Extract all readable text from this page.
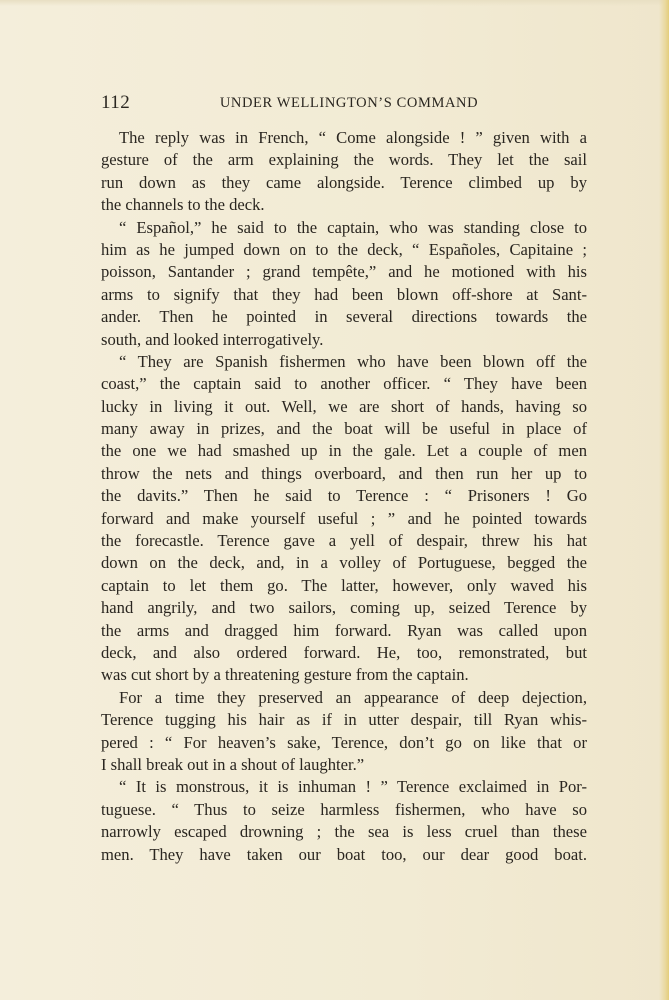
112	UNDER WELLINGTON’S COMMAND
The reply was in French, “ Come alongside ! ” given with a
gesture of the arm explaining the words. They let the sail
run down as they came alongside. Terence climbed up by
the channels to the deck.
“ Español,” he said to the captain, who was standing close to
him as he jumped down on to the deck, “ Españoles, Capitaine ;
poisson, Santander ; grand tempête,” and he motioned with his
arms to signify that they had been blown off-shore at Sant-
ander. Then he pointed in several directions towards the
south, and looked interrogatively.
“ They are Spanish fishermen who have been blown off the
coast,” the captain said to another officer. “ They have been
lucky in living it out. Well, we are short of hands, having so
many away in prizes, and the boat will be useful in place of
the one we had smashed up in the gale. Let a couple of men
throw the nets and things overboard, and then run her up to
the davits.” Then he said to Terence : “ Prisoners ! Go
forward and make yourself useful ; ” and he pointed towards
the forecastle. Terence gave a yell of despair, threw his hat
down on the deck, and, in a volley of Portuguese, begged the
captain to let them go. The latter, however, only waved his
hand angrily, and two sailors, coming up, seized Terence by
the arms and dragged him forward. Ryan was called upon
deck, and also ordered forward. He, too, remonstrated, but
was cut short by a threatening gesture from the captain.
For a time they preserved an appearance of deep dejection,
Terence tugging his hair as if in utter despair, till Ryan whis-
pered : “ For heaven’s sake, Terence, don’t go on like that or
I shall break out in a shout of laughter.”
“ It is monstrous, it is inhuman ! ” Terence exclaimed in Por-
tuguese. “ Thus to seize harmless fishermen, who have so
narrowly escaped drowning ; the sea is less cruel than these
men. They have taken our boat too, our dear good boat.
